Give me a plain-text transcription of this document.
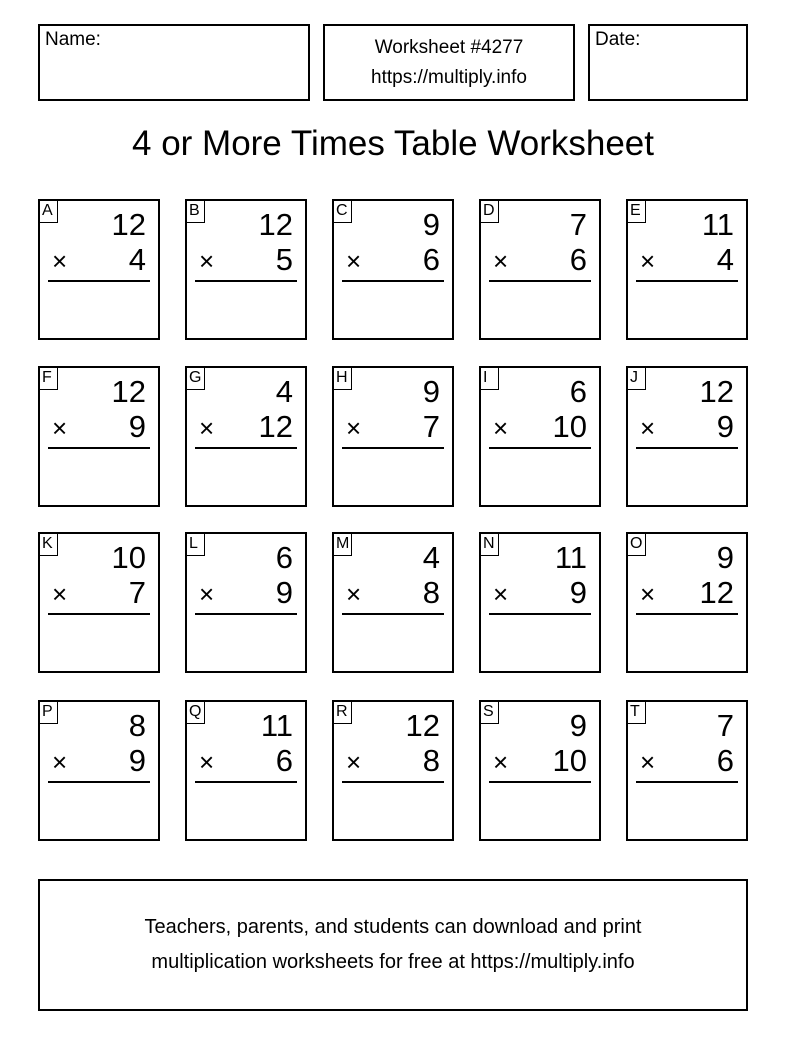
Name:	Worksheet #4277
https://multiply.info
Date:
4 or More Times Table Worksheet
A 12
× 4
B 12
× 5
C 9
× 6
D 7
× 6
E 11
× 4
F 12
× 9
G 4
× 12
H 9
× 7
I	6
× 10
J 12
× 9
K 10
× 7
L	6
× 9
M 4
× 8
N 11
× 9
O 9
× 12
P 8
× 9
Q 11
× 6
R 12
× 8
S 9
× 10
T 7
× 6
Teachers, parents, and students can download and print
multiplication worksheets for free at https://multiply.info
